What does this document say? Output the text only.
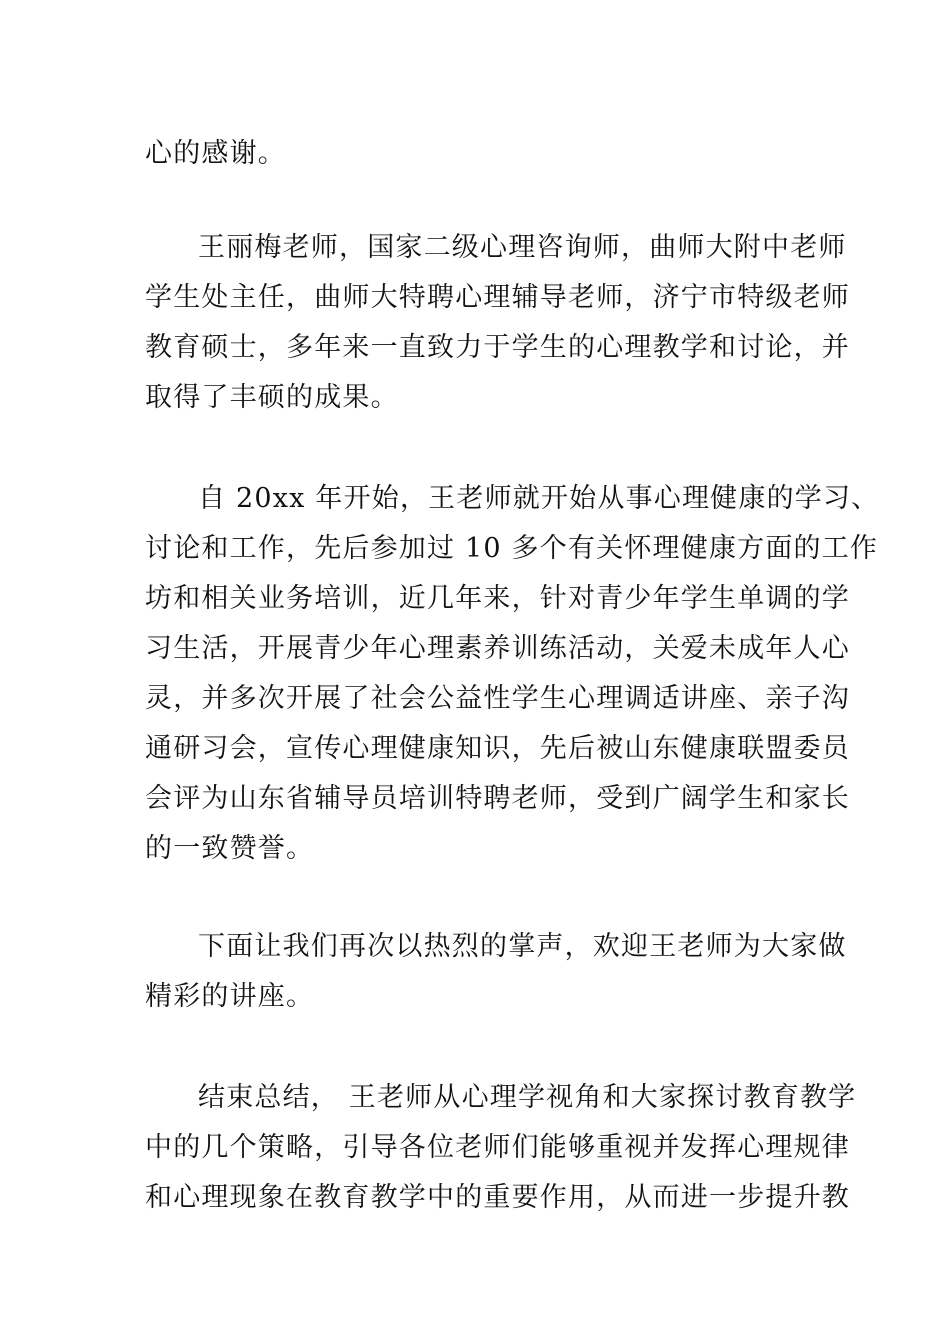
心的感谢。

王丽梅老师，国家二级心理咨询师，曲师大附中老师

学生处主任，曲师大特聘心理辅导老师，济宁市特级老师

教育硕士，多年来一直致力于学生的心理教学和讨论，并

取得了丰硕的成果。

自 20xx 年开始，王老师就开始从事心理健康的学习、

讨论和工作，先后参加过 10 多个有关怀理健康方面的工作

坊和相关业务培训，近几年来，针对青少年学生单调的学

习生活，开展青少年心理素养训练活动，关爱未成年人心

灵，并多次开展了社会公益性学生心理调适讲座、亲子沟

通研习会，宣传心理健康知识，先后被山东健康联盟委员

会评为山东省辅导员培训特聘老师，受到广阔学生和家长

的一致赞誉。

下面让我们再次以热烈的掌声，欢迎王老师为大家做

精彩的讲座。

结束总结， 王老师从心理学视角和大家探讨教育教学

中的几个策略，引导各位老师们能够重视并发挥心理规律

和心理现象在教育教学中的重要作用，从而进一步提升教
